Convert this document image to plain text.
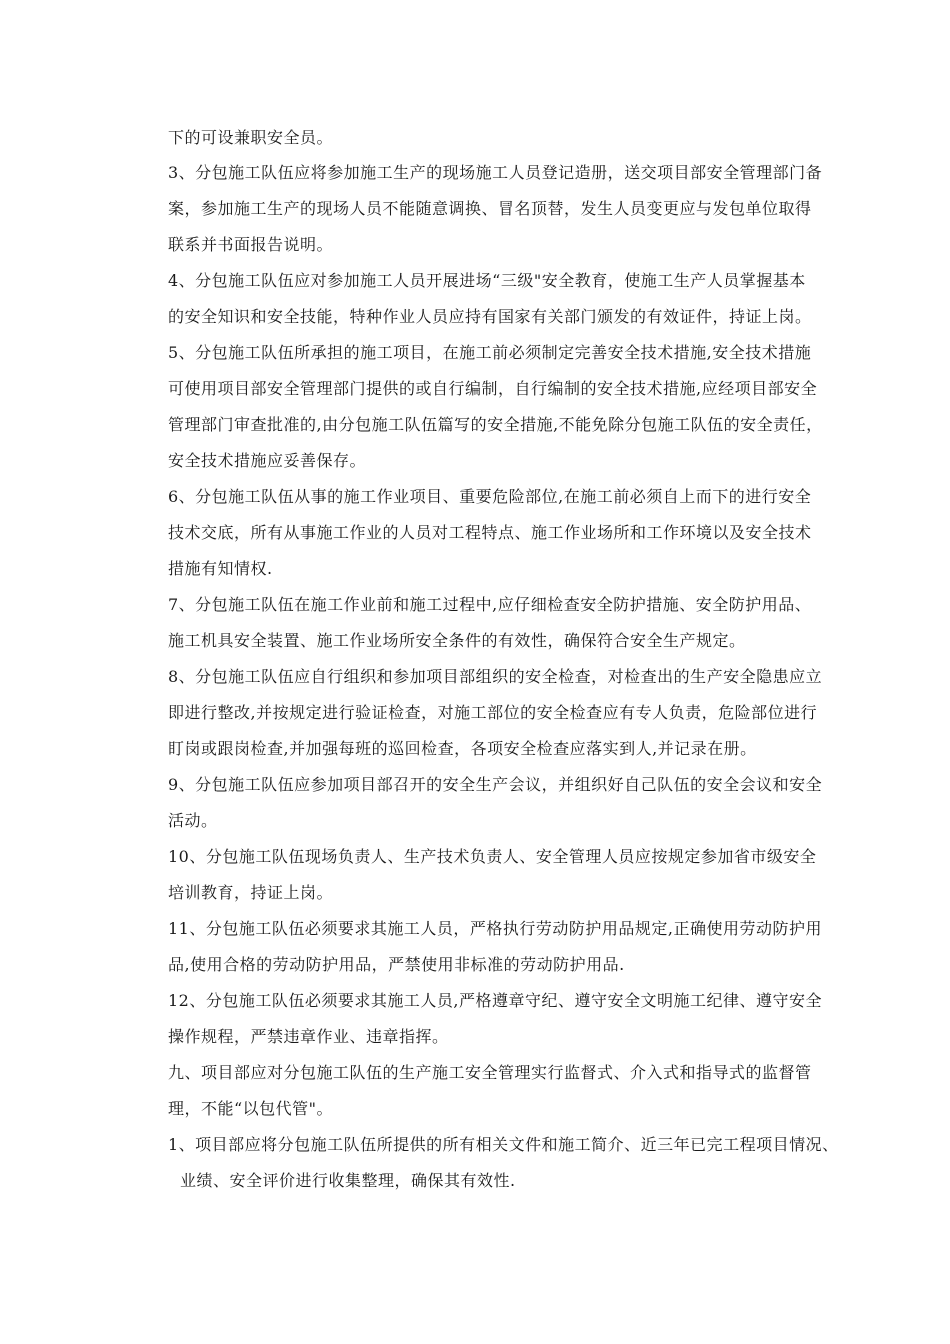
下的可设兼职安全员。
3、分包施工队伍应将参加施工生产的现场施工人员登记造册，送交项目部安全管理部门备
案，参加施工生产的现场人员不能随意调换、冒名顶替，发生人员变更应与发包单位取得
联系并书面报告说明。
4、分包施工队伍应对参加施工人员开展进场“三级"安全教育，使施工生产人员掌握基本
的安全知识和安全技能，特种作业人员应持有国家有关部门颁发的有效证件，持证上岗。
5、分包施工队伍所承担的施工项目，在施工前必须制定完善安全技术措施,安全技术措施
可使用项目部安全管理部门提供的或自行编制，自行编制的安全技术措施,应经项目部安全
管理部门审查批准的,由分包施工队伍篇写的安全措施,不能免除分包施工队伍的安全责任，
安全技术措施应妥善保存。
6、分包施工队伍从事的施工作业项目、重要危险部位,在施工前必须自上而下的进行安全
技术交底，所有从事施工作业的人员对工程特点、施工作业场所和工作环境以及安全技术
措施有知情权.
7、分包施工队伍在施工作业前和施工过程中,应仔细检查安全防护措施、安全防护用品、
施工机具安全装置、施工作业场所安全条件的有效性，确保符合安全生产规定。
8、分包施工队伍应自行组织和参加项目部组织的安全检查，对检查出的生产安全隐患应立
即进行整改,并按规定进行验证检查，对施工部位的安全检查应有专人负责，危险部位进行
盯岗或跟岗检查,并加强每班的巡回检查，各项安全检查应落实到人,并记录在册。
9、分包施工队伍应参加项目部召开的安全生产会议，并组织好自己队伍的安全会议和安全
活动。
10、分包施工队伍现场负责人、生产技术负责人、安全管理人员应按规定参加省市级安全
培训教育，持证上岗。
11、分包施工队伍必须要求其施工人员，严格执行劳动防护用品规定,正确使用劳动防护用
品,使用合格的劳动防护用品，严禁使用非标准的劳动防护用品.
12、分包施工队伍必须要求其施工人员,严格遵章守纪、遵守安全文明施工纪律、遵守安全
操作规程，严禁违章作业、违章指挥。
九、项目部应对分包施工队伍的生产施工安全管理实行监督式、介入式和指导式的监督管
理，不能“以包代管"。
1、项目部应将分包施工队伍所提供的所有相关文件和施工简介、近三年已完工程项目情况、
业绩、安全评价进行收集整理，确保其有效性.
